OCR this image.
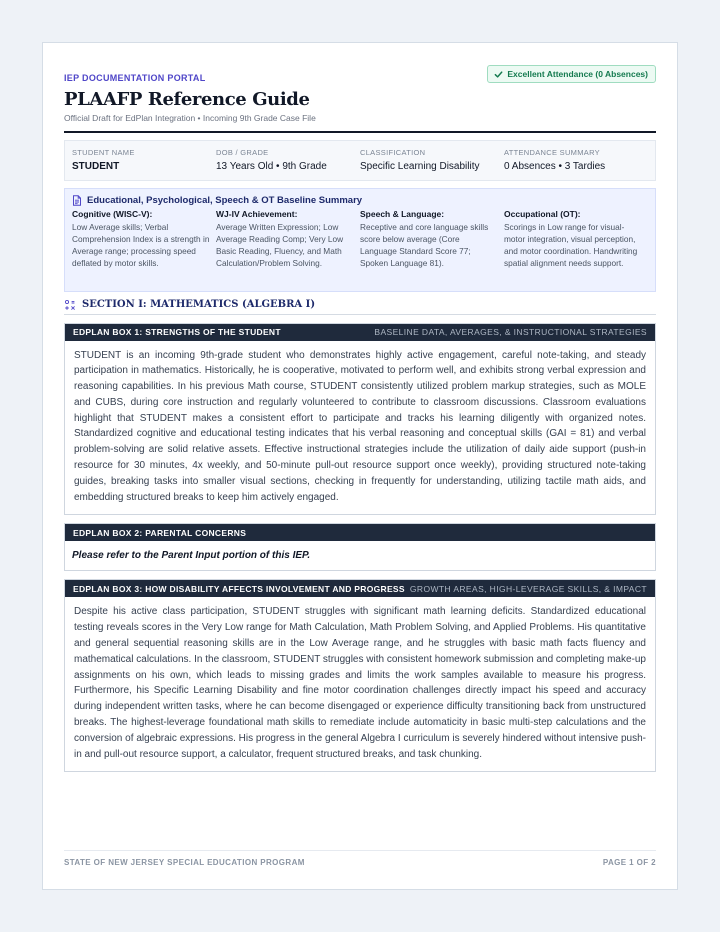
IEP DOCUMENTATION PORTAL	Excellent Attendance (0 Absences)
PLAAFP Reference Guide
Official Draft for EdPlan Integration • Incoming 9th Grade Case File
STUDENT NAME
STUDENT
DOB / GRADE
13 Years Old • 9th Grade
CLASSIFICATION
Specific Learning Disability
ATTENDANCE SUMMARY
0 Absences • 3 Tardies
Educational, Psychological, Speech & OT Baseline Summary
Cognitive (WISC-V):
Low Average skills; Verbal Comprehension Index is a strength in Average range; processing speed deflated by motor skills.
WJ-IV Achievement:
Average Written Expression; Low Average Reading Comp; Very Low Basic Reading, Fluency, and Math Calculation/Problem Solving.
Speech & Language:
Receptive and core language skills score below average (Core Language Standard Score 77; Spoken Language 81).
Occupational (OT):
Scorings in Low range for visual-motor integration, visual perception, and motor coordination. Handwriting spatial alignment needs support.
SECTION I: MATHEMATICS (ALGEBRA I)
EDPLAN BOX 1: STRENGTHS OF THE STUDENT	BASELINE DATA, AVERAGES, & INSTRUCTIONAL STRATEGIES
STUDENT is an incoming 9th-grade student who demonstrates highly active engagement, careful note-taking, and steady participation in mathematics. Historically, he is cooperative, motivated to perform well, and exhibits strong verbal expression and reasoning capabilities. In his previous Math course, STUDENT consistently utilized problem markup strategies, such as MOLE and CUBS, during core instruction and regularly volunteered to contribute to classroom discussions. Classroom evaluations highlight that STUDENT makes a consistent effort to participate and tracks his learning diligently with organized notes. Standardized cognitive and educational testing indicates that his verbal reasoning and conceptual skills (GAI = 81) and verbal problem-solving are solid relative assets. Effective instructional strategies include the utilization of daily aide support (push-in resource for 30 minutes, 4x weekly, and 50-minute pull-out resource support once weekly), providing structured note-taking guides, breaking tasks into smaller visual sections, checking in frequently for understanding, utilizing tactile math aids, and embedding structured breaks to keep him actively engaged.
EDPLAN BOX 2: PARENTAL CONCERNS
Please refer to the Parent Input portion of this IEP.
EDPLAN BOX 3: HOW DISABILITY AFFECTS INVOLVEMENT AND PROGRESS GROWTH AREAS, HIGH-LEVERAGE SKILLS, & IMPACT
Despite his active class participation, STUDENT struggles with significant math learning deficits. Standardized educational testing reveals scores in the Very Low range for Math Calculation, Math Problem Solving, and Applied Problems. His quantitative and general sequential reasoning skills are in the Low Average range, and he struggles with basic math facts fluency and mathematical calculations. In the classroom, STUDENT struggles with consistent homework submission and completing make-up assignments on his own, which leads to missing grades and limits the work samples available to measure his progress. Furthermore, his Specific Learning Disability and fine motor coordination challenges directly impact his speed and accuracy during independent written tasks, where he can become disengaged or experience difficulty transitioning back from unstructured breaks. The highest-leverage foundational math skills to remediate include automaticity in basic multi-step calculations and the conversion of algebraic expressions. His progress in the general Algebra I curriculum is severely hindered without intensive push-in and pull-out resource support, a calculator, frequent structured breaks, and task chunking.
STATE OF NEW JERSEY SPECIAL EDUCATION PROGRAM	PAGE 1 OF 2
